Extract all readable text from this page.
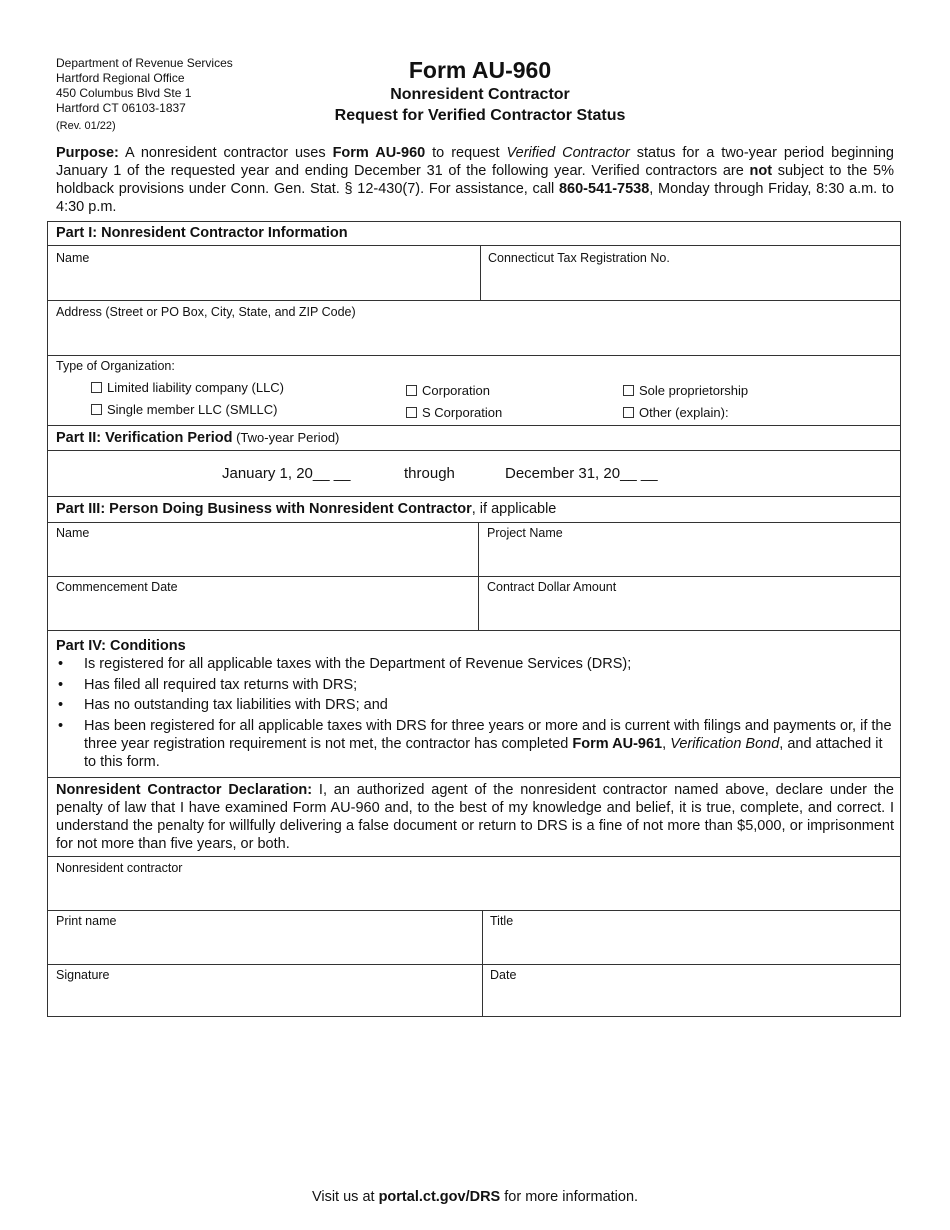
Department of Revenue Services
Hartford Regional Office
450 Columbus Blvd Ste 1
Hartford CT 06103-1837
(Rev. 01/22)
Form AU-960
Nonresident Contractor
Request for Verified Contractor Status
Purpose: A nonresident contractor uses Form AU-960 to request Verified Contractor status for a two-year period beginning January 1 of the requested year and ending December 31 of the following year. Verified contractors are not subject to the 5% holdback provisions under Conn. Gen. Stat. § 12-430(7). For assistance, call 860-541-7538, Monday through Friday, 8:30 a.m. to 4:30 p.m.
Part I: Nonresident Contractor Information
Name	Connecticut Tax Registration No.
Address (Street or PO Box, City, State, and ZIP Code)
Type of Organization:
Limited liability company (LLC)
Single member LLC (SMLLC)
Corporation
S Corporation
Sole proprietorship
Other (explain):
Part II: Verification Period (Two-year Period)
January 1, 20__ __	through	December 31, 20__ __
Part III: Person Doing Business with Nonresident Contractor, if applicable
Name	Project Name
Commencement Date	Contract Dollar Amount
Part IV: Conditions
• Is registered for all applicable taxes with the Department of Revenue Services (DRS);
• Has filed all required tax returns with DRS;
• Has no outstanding tax liabilities with DRS; and
• Has been registered for all applicable taxes with DRS for three years or more and is current with filings and payments or, if the three year registration requirement is not met, the contractor has completed Form AU-961, Verification Bond, and attached it to this form.
Nonresident Contractor Declaration: I, an authorized agent of the nonresident contractor named above, declare under the penalty of law that I have examined Form AU-960 and, to the best of my knowledge and belief, it is true, complete, and correct. I understand the penalty for willfully delivering a false document or return to DRS is a fine of not more than $5,000, or imprisonment for not more than five years, or both.
Nonresident contractor
Print name	Title
Signature	Date
Visit us at portal.ct.gov/DRS for more information.
